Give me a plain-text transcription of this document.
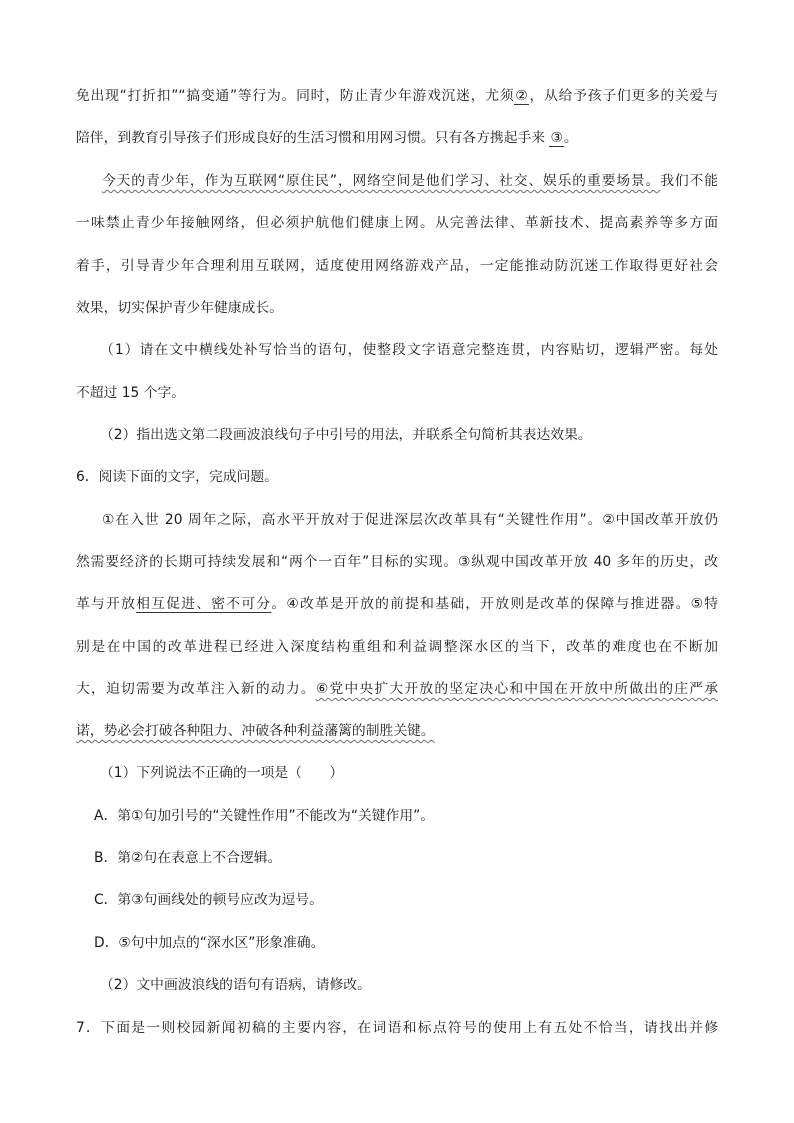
免出现“打折扣”“搞变通”等行为。同时，防止青少年游戏沉迷，尤须②，从给予孩子们更多的关爱与
陪伴，到教育引导孩子们形成良好的生活习惯和用网习惯。只有各方携起手来 ③。
今天的青少年，作为互联网“原住民”，网络空间是他们学习、社交、娱乐的重要场景。我们不能
一味禁止青少年接触网络，但必须护航他们健康上网。从完善法律、革新技术、提高素养等多方面
着手，引导青少年合理利用互联网，适度使用网络游戏产品，一定能推动防沉迷工作取得更好社会
效果，切实保护青少年健康成长。
（1）请在文中横线处补写恰当的语句，使整段文字语意完整连贯，内容贴切，逻辑严密。每处
不超过 15 个字。
（2）指出选文第二段画波浪线句子中引号的用法，并联系全句简析其表达效果。
6．阅读下面的文字，完成问题。
①在入世 20 周年之际，高水平开放对于促进深层次改革具有“关键性作用”。②中国改革开放仍
然需要经济的长期可持续发展和“两个一百年”目标的实现。③纵观中国改革开放 40 多年的历史，改
革与开放相互促进、密不可分。④改革是开放的前提和基础，开放则是改革的保障与推进器。⑤特
别是在中国的改革进程已经进入深度结构重组和利益调整深水区的当下，改革的难度也在不断加
大，迫切需要为改革注入新的动力。⑥党中央扩大开放的坚定决心和中国在开放中所做出的庄严承
诺，势必会打破各种阻力、冲破各种利益藩篱的制胜关键。
（1）下列说法不正确的一项是（　　）
A．第①句加引号的“关键性作用”不能改为“关键作用”。
B．第②句在表意上不合逻辑。
C．第③句画线处的顿号应改为逗号。
D．⑤句中加点的“深水区”形象准确。
（2）文中画波浪线的语句有语病，请修改。
7．下面是一则校园新闻初稿的主要内容，在词语和标点符号的使用上有五处不恰当，请找出并修
